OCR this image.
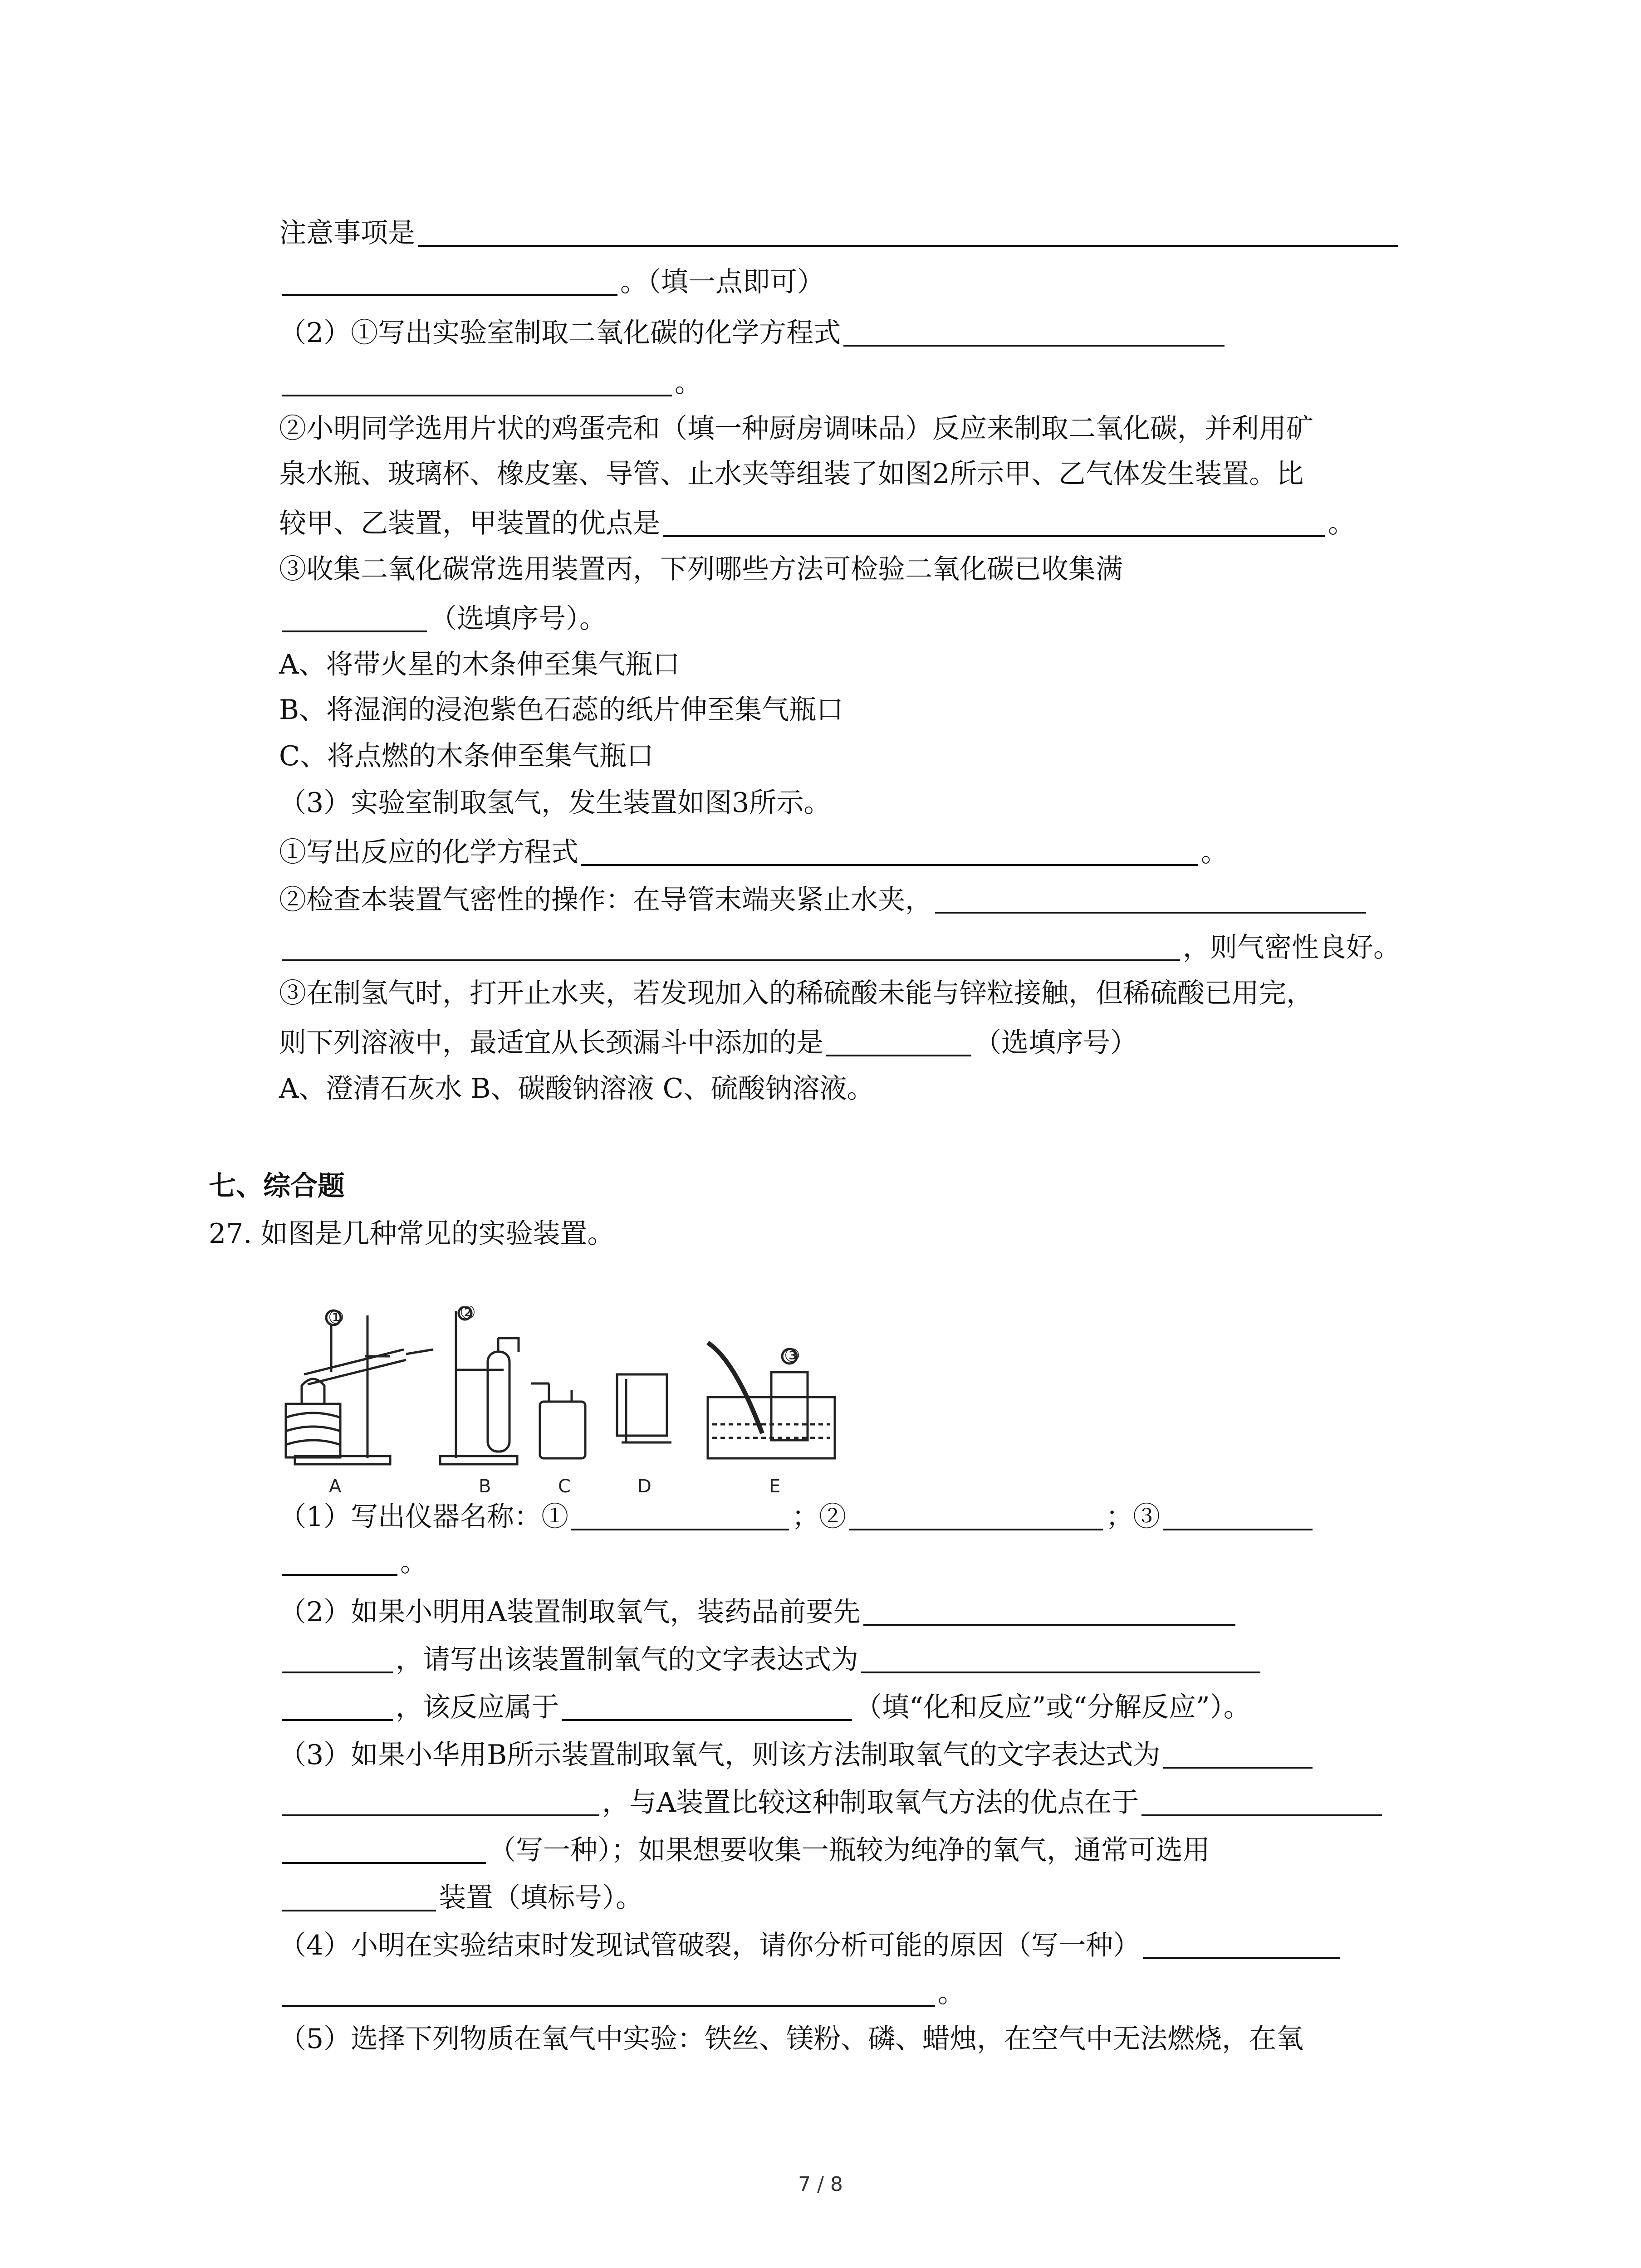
注意事项是
。（填一点即可）
（2）①写出实验室制取二氧化碳的化学方程式
。
②小明同学选用片状的鸡蛋壳和（填一种厨房调味品）反应来制取二氧化碳，并利用矿
泉水瓶、玻璃杯、橡皮塞、导管、止水夹等组装了如图2所示甲、乙气体发生装置。比
较甲、乙装置，甲装置的优点是	。
③收集二氧化碳常选用装置丙，下列哪些方法可检验二氧化碳已收集满
（选填序号）。
A、将带火星的木条伸至集气瓶口
B、将湿润的浸泡紫色石蕊的纸片伸至集气瓶口
C、将点燃的木条伸至集气瓶口
（3）实验室制取氢气，发生装置如图3所示。
①写出反应的化学方程式	。
②检查本装置气密性的操作：在导管末端夹紧止水夹，
，则气密性良好。
③在制氢气时，打开止水夹，若发现加入的稀硫酸未能与锌粒接触，但稀硫酸已用完，
则下列溶液中，最适宜从长颈漏斗中添加的是	（选填序号）
A、澄清石灰水 B、碳酸钠溶液 C、硫酸钠溶液。
七、综合题
27. 如图是几种常见的实验装置。
（1）写出仪器名称：①	；②	；③
。
（2）如果小明用A装置制取氧气，装药品前要先
，请写出该装置制氧气的文字表达式为
，该反应属于	（填“化和反应”或“分解反应”）。
（3）如果小华用B所示装置制取氧气，则该方法制取氧气的文字表达式为
，与A装置比较这种制取氧气方法的优点在于
（写一种）；如果想要收集一瓶较为纯净的氧气，通常可选用
装置（填标号）。
（4）小明在实验结束时发现试管破裂，请你分析可能的原因（写一种）
。
（5）选择下列物质在氧气中实验：铁丝、镁粉、磷、蜡烛，在空气中无法燃烧，在氧
A	B	C	D	E
①	②
③
7 / 8
